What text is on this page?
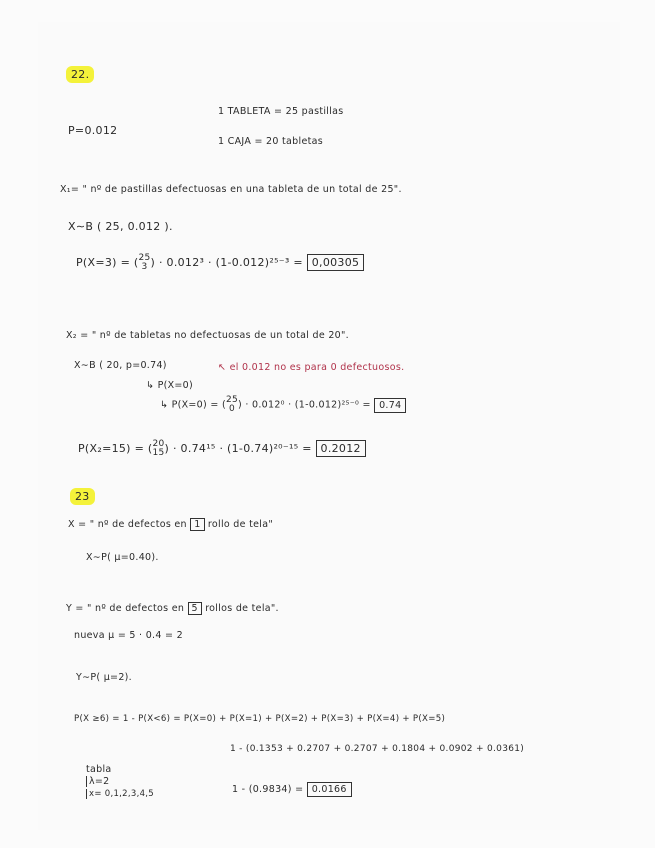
22.
1 TABLETA = 25 pastillas
P=0.012
1 CAJA = 20 tabletas
X₁= " nº de pastillas defectuosas en una tableta de un total de 25".
X∼B ( 25, 0.012 ).
P(X=3) = (25
3 ) · 0.012³ · (1-0.012)²⁵⁻³ = 0,00305
X₂ = " nº de tabletas no defectuosas de un total de 20".
X∼B ( 20, p=0.74)	↖ el 0.012 no es para 0 defectuosos.
↳ P(X=0)
↳ P(X=0) = (25
0 ) · 0.012⁰ · (1-0.012)²⁵⁻⁰ = 0.74
P(X₂=15) = (20
15) · 0.74¹⁵ · (1-0.74)²⁰⁻¹⁵ = 0.2012
23
X = " nº de defectos en 1 rollo de tela"
X∼P( μ=0.40).
Y = " nº de defectos en 5 rollos de tela".
nueva μ = 5 · 0.4 = 2
Y∼P( μ=2).
P(X ≥6) = 1 - P(X<6) = P(X=0) + P(X=1) + P(X=2) + P(X=3) + P(X=4) + P(X=5)
1 - (0.1353 + 0.2707 + 0.2707 + 0.1804 + 0.0902 + 0.0361)
1 - (0.9834) = 0.0166
tabla
λ=2
x= 0,1,2,3,4,5
